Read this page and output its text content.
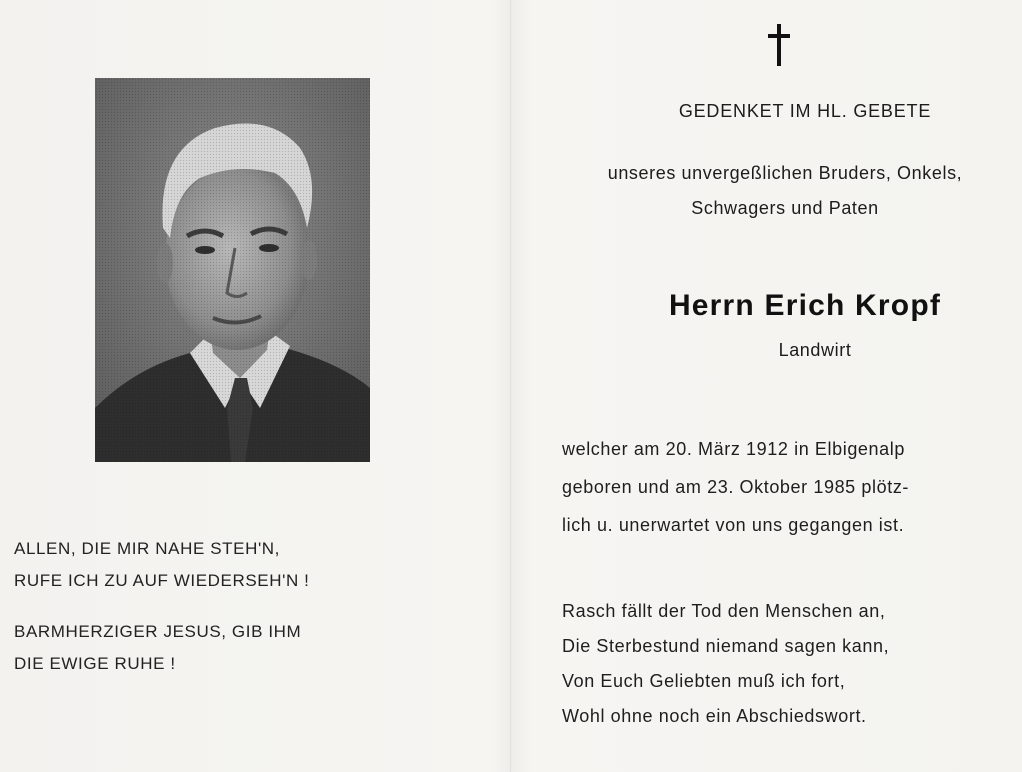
ALLEN, DIE MIR NAHE STEH'N,
RUFE ICH ZU AUF WIEDERSEH'N !
BARMHERZIGER JESUS, GIB IHM
DIE EWIGE RUHE !
GEDENKET IM HL. GEBETE
unseres unvergeßlichen Bruders, Onkels,
Schwagers und Paten
Herrn Erich Kropf
Landwirt
welcher am 20. März 1912 in Elbigenalp
geboren und am 23. Oktober 1985 plötz-
lich u. unerwartet von uns gegangen ist.
Rasch fällt der Tod den Menschen an,
Die Sterbestund niemand sagen kann,
Von Euch Geliebten muß ich fort,
Wohl ohne noch ein Abschiedswort.
